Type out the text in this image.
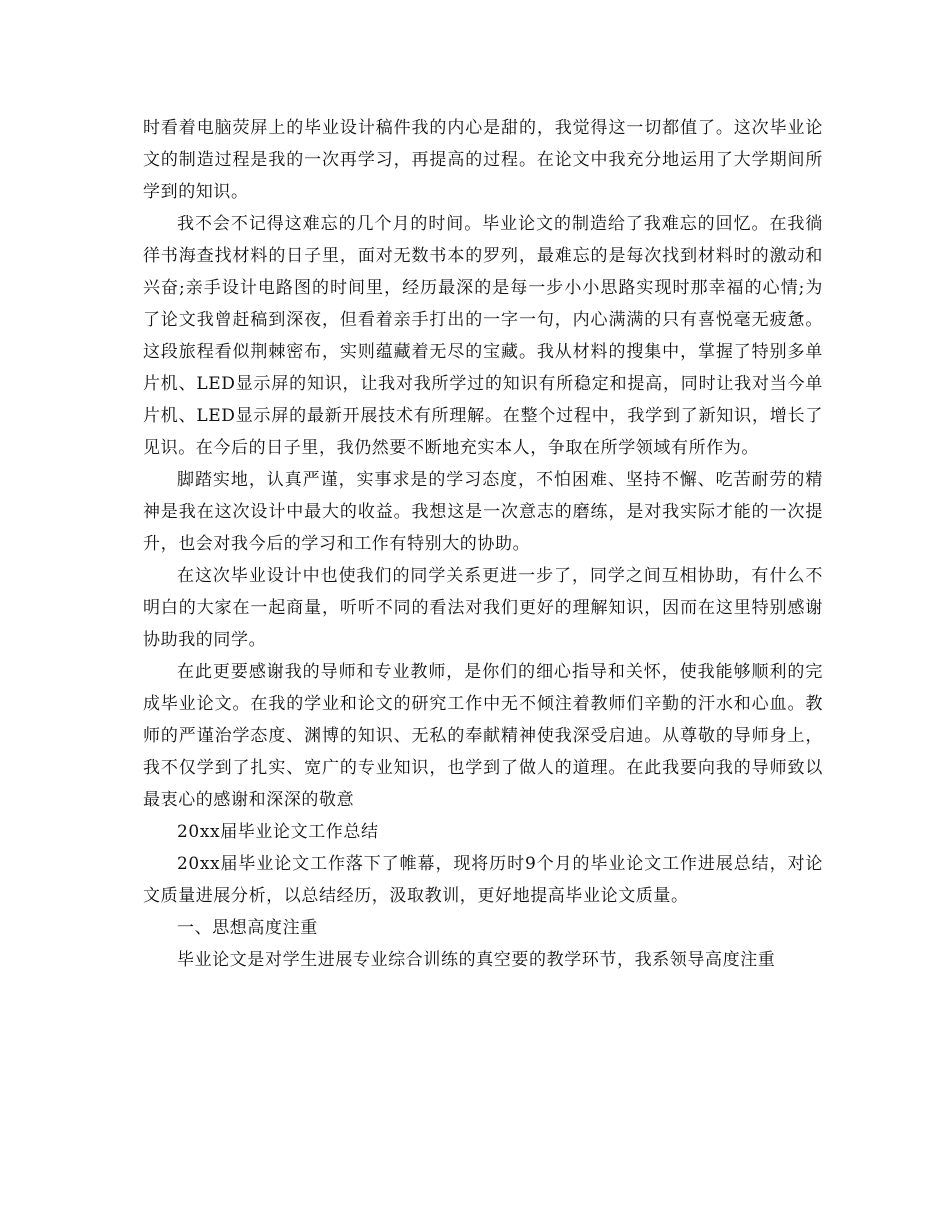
时看着电脑荧屏上的毕业设计稿件我的内心是甜的，我觉得这一切都值了。这次毕业论文的制造过程是我的一次再学习，再提高的过程。在论文中我充分地运用了大学期间所学到的知识。

我不会不记得这难忘的几个月的时间。毕业论文的制造给了我难忘的回忆。在我徜徉书海查找材料的日子里，面对无数书本的罗列，最难忘的是每次找到材料时的激动和兴奋;亲手设计电路图的时间里，经历最深的是每一步小小思路实现时那幸福的心情;为了论文我曾赶稿到深夜，但看着亲手打出的一字一句，内心满满的只有喜悦毫无疲惫。这段旅程看似荆棘密布，实则蕴藏着无尽的宝藏。我从材料的搜集中，掌握了特别多单片机、LED显示屏的知识，让我对我所学过的知识有所稳定和提高，同时让我对当今单片机、LED显示屏的最新开展技术有所理解。在整个过程中，我学到了新知识，增长了见识。在今后的日子里，我仍然要不断地充实本人，争取在所学领域有所作为。

脚踏实地，认真严谨，实事求是的学习态度，不怕困难、坚持不懈、吃苦耐劳的精神是我在这次设计中最大的收益。我想这是一次意志的磨练，是对我实际才能的一次提升，也会对我今后的学习和工作有特别大的协助。

在这次毕业设计中也使我们的同学关系更进一步了，同学之间互相协助，有什么不明白的大家在一起商量，听听不同的看法对我们更好的理解知识，因而在这里特别感谢协助我的同学。

在此更要感谢我的导师和专业教师，是你们的细心指导和关怀，使我能够顺利的完成毕业论文。在我的学业和论文的研究工作中无不倾注着教师们辛勤的汗水和心血。教师的严谨治学态度、渊博的知识、无私的奉献精神使我深受启迪。从尊敬的导师身上，我不仅学到了扎实、宽广的专业知识，也学到了做人的道理。在此我要向我的导师致以最衷心的感谢和深深的敬意

20xx届毕业论文工作总结

20xx届毕业论文工作落下了帷幕，现将历时9个月的毕业论文工作进展总结，对论文质量进展分析，以总结经历，汲取教训，更好地提高毕业论文质量。

一、思想高度注重

毕业论文是对学生进展专业综合训练的真空要的教学环节，我系领导高度注重
